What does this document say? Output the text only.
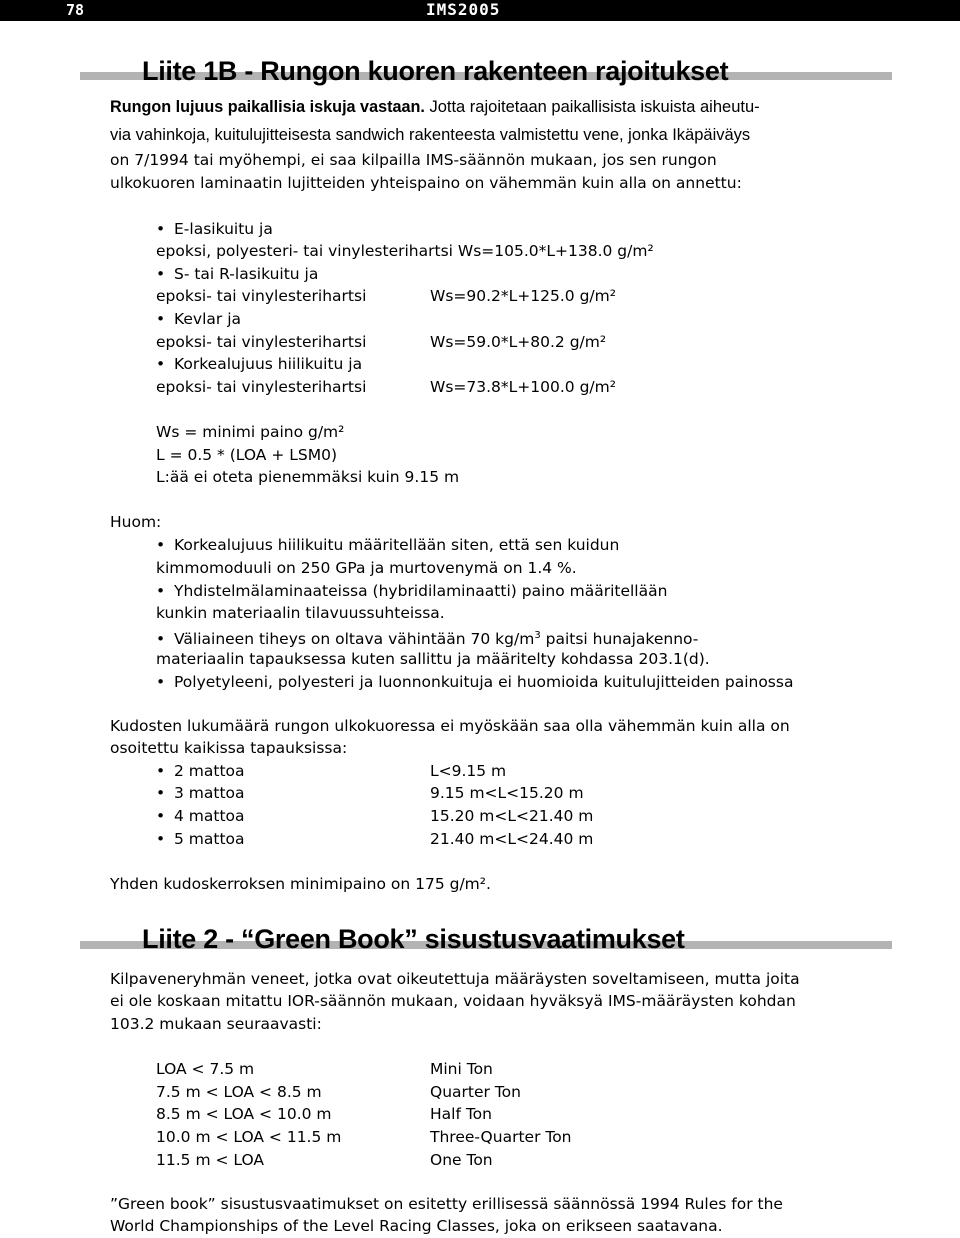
78	IMS2005
Liite 1B - Rungon kuoren rakenteen rajoitukset
Rungon lujuus paikallisia iskuja vastaan. Jotta rajoitetaan paikallisista iskuista aiheutu-
via vahinkoja, kuitulujitteisesta sandwich rakenteesta valmistettu vene, jonka Ikäpäiväys
on 7/1994 tai myöhempi, ei saa kilpailla IMS-säännön mukaan, jos sen rungon
ulkokuoren laminaatin lujitteiden yhteispaino on vähemmän kuin alla on annettu:
• E-lasikuitu ja
epoksi, polyesteri- tai vinylesterihartsi Ws=105.0*L+138.0 g/m²
• S- tai R-lasikuitu ja
epoksi- tai vinylesterihartsi	Ws=90.2*L+125.0 g/m²
• Kevlar ja
epoksi- tai vinylesterihartsi	Ws=59.0*L+80.2 g/m²
• Korkealujuus hiilikuitu ja
epoksi- tai vinylesterihartsi	Ws=73.8*L+100.0 g/m²
Ws = minimi paino g/m²
L = 0.5 * (LOA + LSM0)
L:ää ei oteta pienemmäksi kuin 9.15 m
Huom:
• Korkealujuus hiilikuitu määritellään siten, että sen kuidun
kimmomoduuli on 250 GPa ja murtovenymä on 1.4 %.
• Yhdistelmälaminaateissa (hybridilaminaatti) paino määritellään
kunkin materiaalin tilavuussuhteissa.
• Väliaineen tiheys on oltava vähintään 70 $kg/m^3$ paitsi hunajakenno-
materiaalin tapauksessa kuten sallittu ja määritelty kohdassa 203.1(d).
• Polyetyleeni, polyesteri ja luonnonkuituja ei huomioida kuitulujitteiden painossa
Kudosten lukumäärä rungon ulkokuoressa ei myöskään saa olla vähemmän kuin alla on
osoitettu kaikissa tapauksissa:
• 2 mattoa	L<9.15 m
• 3 mattoa	9.15 m<L<15.20 m
• 4 mattoa	15.20 m<L<21.40 m
• 5 mattoa	21.40 m<L<24.40 m
Yhden kudoskerroksen minimipaino on 175 g/m².
Liite 2 - “Green Book” sisustusvaatimukset
Kilpaveneryhmän veneet, jotka ovat oikeutettuja määräysten soveltamiseen, mutta joita
ei ole koskaan mitattu IOR-säännön mukaan, voidaan hyväksyä IMS-määräysten kohdan
103.2 mukaan seuraavasti:
LOA < 7.5 m	Mini Ton
7.5 m < LOA < 8.5 m	Quarter Ton
8.5 m < LOA < 10.0 m	Half Ton
10.0 m < LOA < 11.5 m	Three-Quarter Ton
11.5 m < LOA	One Ton
”Green book” sisustusvaatimukset on esitetty erillisessä säännössä 1994 Rules for the
World Championships of the Level Racing Classes, joka on erikseen saatavana.
